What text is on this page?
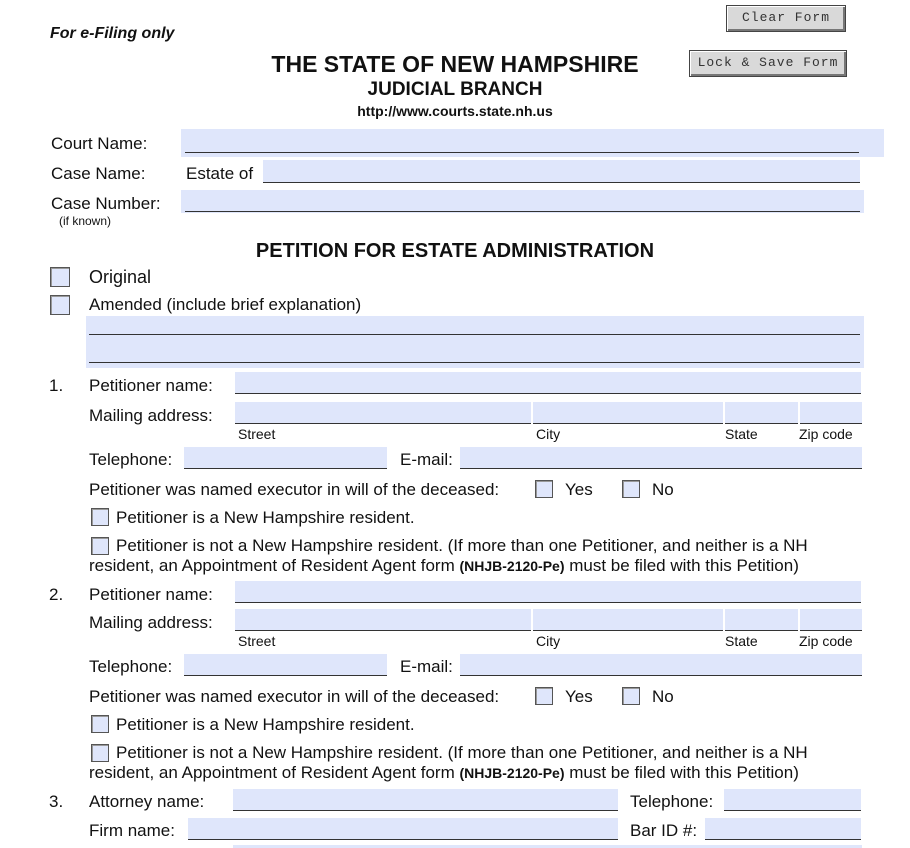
Clear Form
Lock & Save Form
For e-Filing only
THE STATE OF NEW HAMPSHIRE
JUDICIAL BRANCH
http://www.courts.state.nh.us
Court Name:
Case Name: Estate of
Case Number:
(if known)
PETITION FOR ESTATE ADMINISTRATION
Original
Amended (include brief explanation)
1. Petitioner name:
Mailing address:
Street	City	State	Zip code
Telephone:	E-mail:
Petitioner was named executor in will of the deceased:	Yes	No
Petitioner is a New Hampshire resident.
Petitioner is not a New Hampshire resident. (If more than one Petitioner, and neither is a NH
resident, an Appointment of Resident Agent form (NHJB-2120-Pe) must be filed with this Petition)
2. Petitioner name:
Mailing address:
Street	City	State	Zip code
Telephone:	E-mail:
Petitioner was named executor in will of the deceased:	Yes	No
Petitioner is a New Hampshire resident.
Petitioner is not a New Hampshire resident. (If more than one Petitioner, and neither is a NH
resident, an Appointment of Resident Agent form (NHJB-2120-Pe) must be filed with this Petition)
3. Attorney name:	Telephone:
Firm name:	Bar ID #:
